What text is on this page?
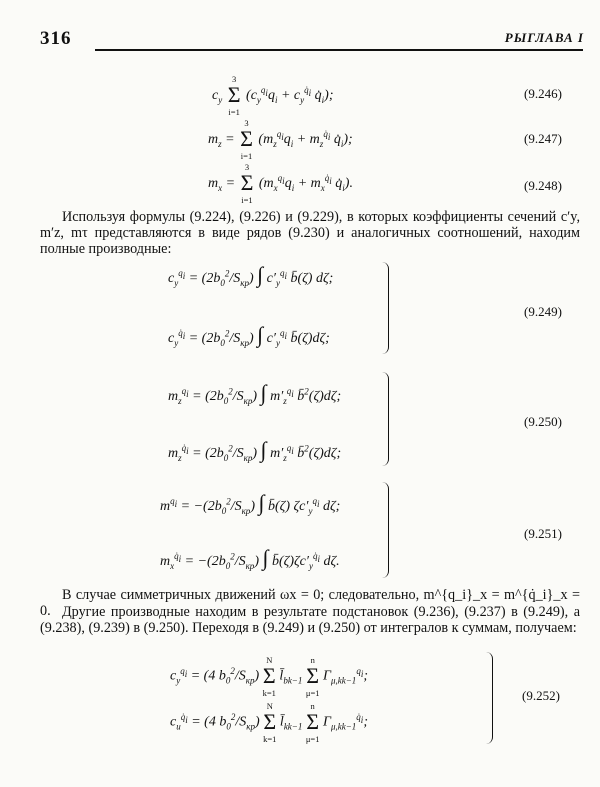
316	РЫГЛАВА I
$c_y$
3
Σ
i=1
($c_y^{q_i}q_i + c_y^{q̇_i}$ $q̇_i$);	(9.246)
$m_z$ =
3
Σ
i=1
($m_z^{q_i}q_i + m_z^{q̇_i}$ $q̇_i$);	(9.247)
$m_x$ =
3
Σ
i=1
($m_x^{q_i}q_i + m_x^{q̇_i}$ $q̇_i$).	(9.248)
Используя формулы (9.224), (9.226) и (9.229), в которых коэффициенты сечений c′y, m′z, mτ представляются в виде рядов (9.230) и аналогичных соотношений, находим полные производные:
$c_y^{q_i} = (2b_0^2/S_{кр})$ ∫ $c'_y^{q_i}$ b̄(ζ) dζ;
$c_y^{q̇_i} = (2b_0^2/S_{кр})$ ∫ $c'_y^{q_i}$ b̄(ζ)dζ;
(9.249)
$m_z^{q_i} = (2b_0^2/S_{кр})$ ∫ $m'_z^{q_i}$ b̄$^2$(ζ)dζ;
$m_z^{q̇_i} = (2b_0^2/S_{кр})$ ∫ $m'_z^{q_i}$ b̄$^2$(ζ)dζ;
(9.250)
$m^{q_i} = -(2b_0^2/S_{кр})$ ∫ b̄(ζ) $\zeta c'_y^{q_i}$ dζ;
$m_x^{q̇_i} = -(2b_0^2/S_{кр})$ ∫ $b̄(\zeta)\zeta c'_y^{q̇_i}$ dζ.
(9.251)
В случае симметричных движений ωx = 0; следовательно, m^{q_i}_x = m^{q̇_i}_x = 0. Другие производные находим в результате подстановок (9.236), (9.237) в (9.249), а (9.238), (9.239) в (9.250). Переходя в (9.249) и (9.250) от интегралов к суммам, получаем:
$c_y^{q_i} = (4$ $b_0^2/S_{кр}$)
N
Σ
k=1
$l̄_{bk-1}$
n
Σ
μ=1
$\Gamma_{\mu,kk-1}^{q_i}$;
$c_u^{q̇_i} = (4$ $b_0^2/S_{кр}$)
N
Σ
k=1
$l̄_{kk-1}$
n
Σ
μ=1
$\Gamma_{\mu,kk-1}^{q̇_i}$;
(9.252)
